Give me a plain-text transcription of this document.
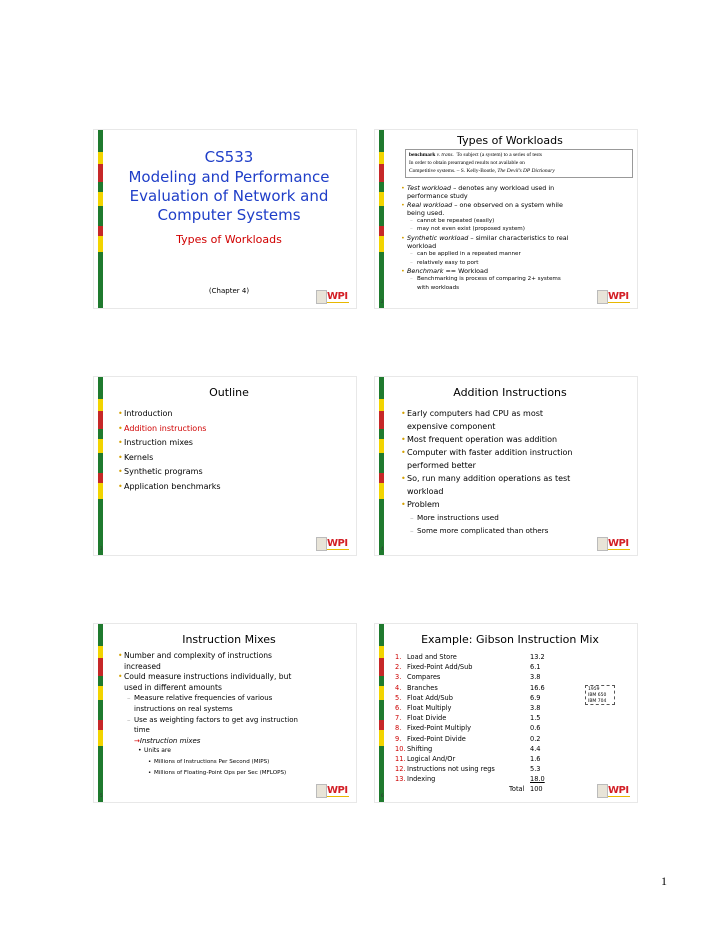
CS533
Modeling and Performance
Evaluation of Network and
Computer Systems
Types of Workloads
(Chapter 4)	WPI
Types of Workloads
benchmark v. trans. To subject (a system) to a series of tests
In order to obtain prearranged results not available on
Competitive systems. – S. Kelly-Bootle, The Devil’s DP Dictionary
• Test workload – denotes any workload used in
performance study
• Real workload – one observed on a system while
being used.
– cannot be repeated (easily)
– may not even exist (proposed system)
• Synthetic workload – similar characteristics to real
workload
– can be applied in a repeated manner
– relatively easy to port
• Benchmark == Workload
– Benchmarking is process of comparing 2+ systems
with workloads
2	WPI
Outline
• Introduction
• Addition instructions
• Instruction mixes
• Kernels
• Synthetic programs
• Application benchmarks
3	WPI
Addition Instructions
• Early computers had CPU as most
expensive component
• Most frequent operation was addition
• Computer with faster addition instruction
performed better
• So, run many addition operations as test
workload
• Problem
– More instructions used
– Some more complicated than others
4	WPI
Instruction Mixes
• Number and complexity of instructions
increased
• Could measure instructions individually, but
used in different amounts
– Measure relative frequencies of various
instructions on real systems
– Use as weighting factors to get avg instruction
time
→Instruction mixes
• Units are
• Millions of Instructions Per Second (MIPS)
• Millions of Floating-Point Ops per Sec (MFLOPS)
5	WPI
Example: Gibson Instruction Mix
1. Load and Store	13.2
2. Fixed-Point Add/Sub	6.1
3. Compares	3.8
4. Branches	16.6
5. Float Add/Sub	6.9
6. Float Multiply	3.8
7. Float Divide	1.5
8. Fixed-Point Multiply	0.6
9. Fixed-Point Divide	0.2
10. Shifting	4.4
11. Logical And/Or	1.6
12. Instructions not using regs	5.3
13. Indexing	18.0
Total 100
1959
IBM 650
IBM 704
6	WPI
1
